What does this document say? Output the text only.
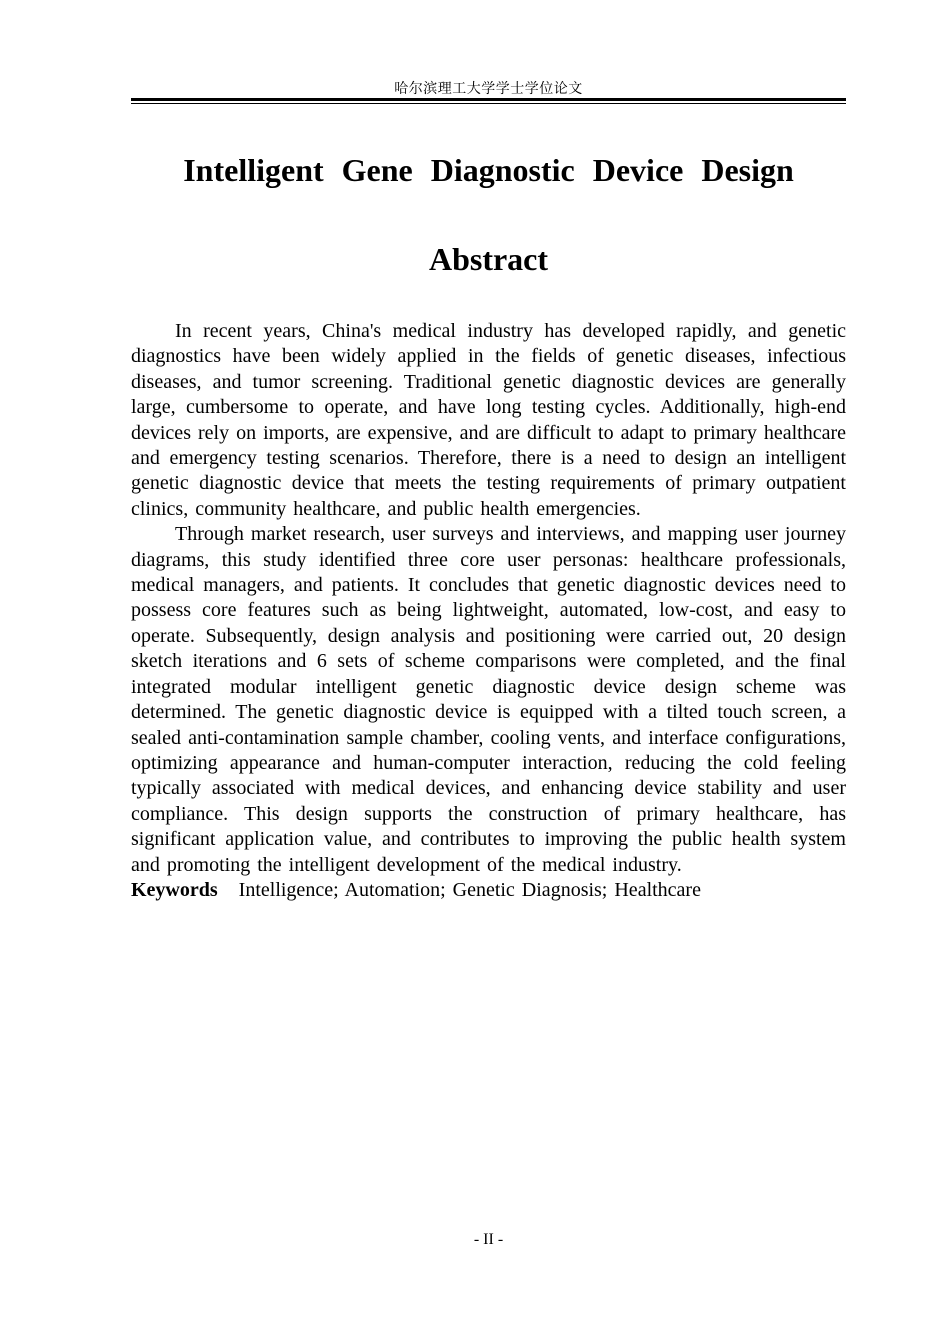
哈尔滨理工大学学士学位论文
Intelligent Gene Diagnostic Device Design
Abstract

In recent years, China's medical industry has developed rapidly, and genetic diagnostics have been widely applied in the fields of genetic diseases, infectious diseases, and tumor screening. Traditional genetic diagnostic devices are generally large, cumbersome to operate, and have long testing cycles. Additionally, high-end devices rely on imports, are expensive, and are difficult to adapt to primary healthcare and emergency testing scenarios. Therefore, there is a need to design an intelligent genetic diagnostic device that meets the testing requirements of primary outpatient clinics, community healthcare, and public health emergencies.

Through market research, user surveys and interviews, and mapping user journey diagrams, this study identified three core user personas: healthcare professionals, medical managers, and patients. It concludes that genetic diagnostic devices need to possess core features such as being lightweight, automated, low-cost, and easy to operate. Subsequently, design analysis and positioning were carried out, 20 design sketch iterations and 6 sets of scheme comparisons were completed, and the final integrated modular intelligent genetic diagnostic device design scheme was determined. The genetic diagnostic device is equipped with a tilted touch screen, a sealed anti-contamination sample chamber, cooling vents, and interface configurations, optimizing appearance and human-computer interaction, reducing the cold feeling typically associated with medical devices, and enhancing device stability and user compliance. This design supports the construction of primary healthcare, has significant application value, and contributes to improving the public health system and promoting the intelligent development of the medical industry.

Keywords Intelligence; Automation; Genetic Diagnosis; Healthcare

- II -
